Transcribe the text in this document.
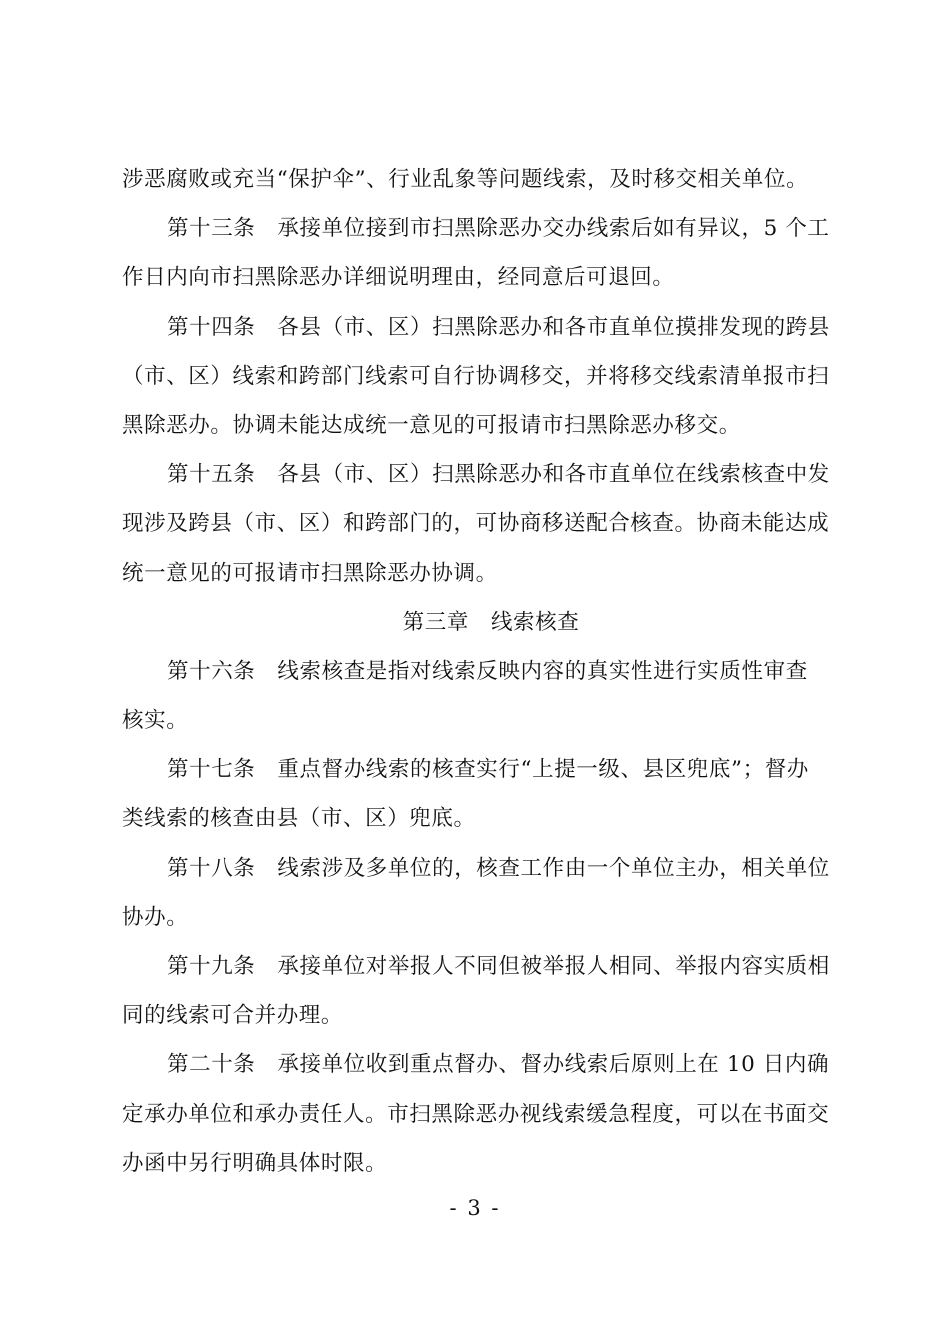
涉恶腐败或充当“保护伞”、行业乱象等问题线索，及时移交相关单位。
第十三条 承接单位接到市扫黑除恶办交办线索后如有异议，5 个工
作日内向市扫黑除恶办详细说明理由，经同意后可退回。
第十四条 各县（市、区）扫黑除恶办和各市直单位摸排发现的跨县
（市、区）线索和跨部门线索可自行协调移交，并将移交线索清单报市扫
黑除恶办。协调未能达成统一意见的可报请市扫黑除恶办移交。
第十五条 各县（市、区）扫黑除恶办和各市直单位在线索核查中发
现涉及跨县（市、区）和跨部门的，可协商移送配合核查。协商未能达成
统一意见的可报请市扫黑除恶办协调。
第三章 线索核查
第十六条 线索核查是指对线索反映内容的真实性进行实质性审查
核实。
第十七条 重点督办线索的核查实行“上提一级、县区兜底”；督办
类线索的核查由县（市、区）兜底。
第十八条 线索涉及多单位的，核查工作由一个单位主办，相关单位
协办。
第十九条 承接单位对举报人不同但被举报人相同、举报内容实质相
同的线索可合并办理。
第二十条 承接单位收到重点督办、督办线索后原则上在 10 日内确
定承办单位和承办责任人。市扫黑除恶办视线索缓急程度，可以在书面交
办函中另行明确具体时限。
- 3 -
